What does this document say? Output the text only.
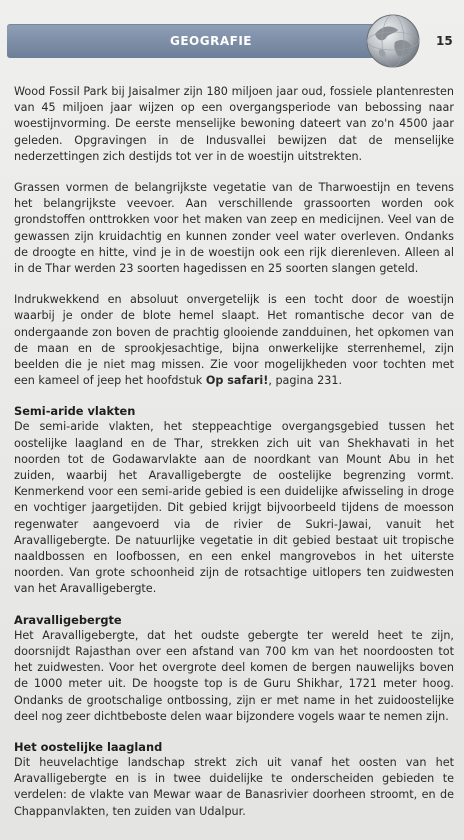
GEOGRAFIE	15

Wood Fossil Park bij Jaisalmer zijn 180 miljoen jaar oud, fossiele plantenresten van 45 miljoen jaar wijzen op een overgangsperiode van bebossing naar woestijnvorming. De eerste menselijke bewoning dateert van zo'n 4500 jaar geleden. Opgravingen in de Indusvallei bewijzen dat de menselijke nederzettingen zich destijds tot ver in de woestijn uitstrekten.

Grassen vormen de belangrijkste vegetatie van de Tharwoestijn en tevens het belangrijkste veevoer. Aan verschillende grassoorten worden ook grondstoffen onttrokken voor het maken van zeep en medicijnen. Veel van de gewassen zijn kruidachtig en kunnen zonder veel water overleven. Ondanks de droogte en hitte, vind je in de woestijn ook een rijk dierenleven. Alleen al in de Thar werden 23 soorten hagedissen en 25 soorten slangen geteld.

Indrukwekkend en absoluut onvergetelijk is een tocht door de woestijn waarbij je onder de blote hemel slaapt. Het romantische decor van de ondergaande zon boven de prachtig glooiende zandduinen, het opkomen van de maan en de sprookjesachtige, bijna onwerkelijke sterrenhemel, zijn beelden die je niet mag missen. Zie voor mogelijkheden voor tochten met een kameel of jeep het hoofdstuk Op safari!, pagina 231.

Semi-aride vlakten

De semi-aride vlakten, het steppeachtige overgangsgebied tussen het oostelijke laagland en de Thar, strekken zich uit van Shekhavati in het noorden tot de Godawarvlakte aan de noordkant van Mount Abu in het zuiden, waarbij het Aravalligebergte de oostelijke begrenzing vormt. Kenmerkend voor een semi-aride gebied is een duidelijke afwisseling in droge en vochtiger jaargetijden. Dit gebied krijgt bijvoorbeeld tijdens de moesson regenwater aangevoerd via de rivier de Sukri-Jawai, vanuit het Aravalligebergte. De natuurlijke vegetatie in dit gebied bestaat uit tropische naaldbossen en loofbossen, en een enkel mangrovebos in het uiterste noorden. Van grote schoonheid zijn de rotsachtige uitlopers ten zuidwesten van het Aravalligebergte.

Aravalligebergte

Het Aravalligebergte, dat het oudste gebergte ter wereld heet te zijn, doorsnijdt Rajasthan over een afstand van 700 km van het noordoosten tot het zuidwesten. Voor het overgrote deel komen de bergen nauwelijks boven de 1000 meter uit. De hoogste top is de Guru Shikhar, 1721 meter hoog. Ondanks de grootschalige ontbossing, zijn er met name in het zuidoostelijke deel nog zeer dichtbeboste delen waar bijzondere vogels waar te nemen zijn.

Het oostelijke laagland

Dit heuvelachtige landschap strekt zich uit vanaf het oosten van het Aravalligebergte en is in twee duidelijke te onderscheiden gebieden te verdelen: de vlakte van Mewar waar de Banasrivier doorheen stroomt, en de Chappanvlakten, ten zuiden van Udalpur.
